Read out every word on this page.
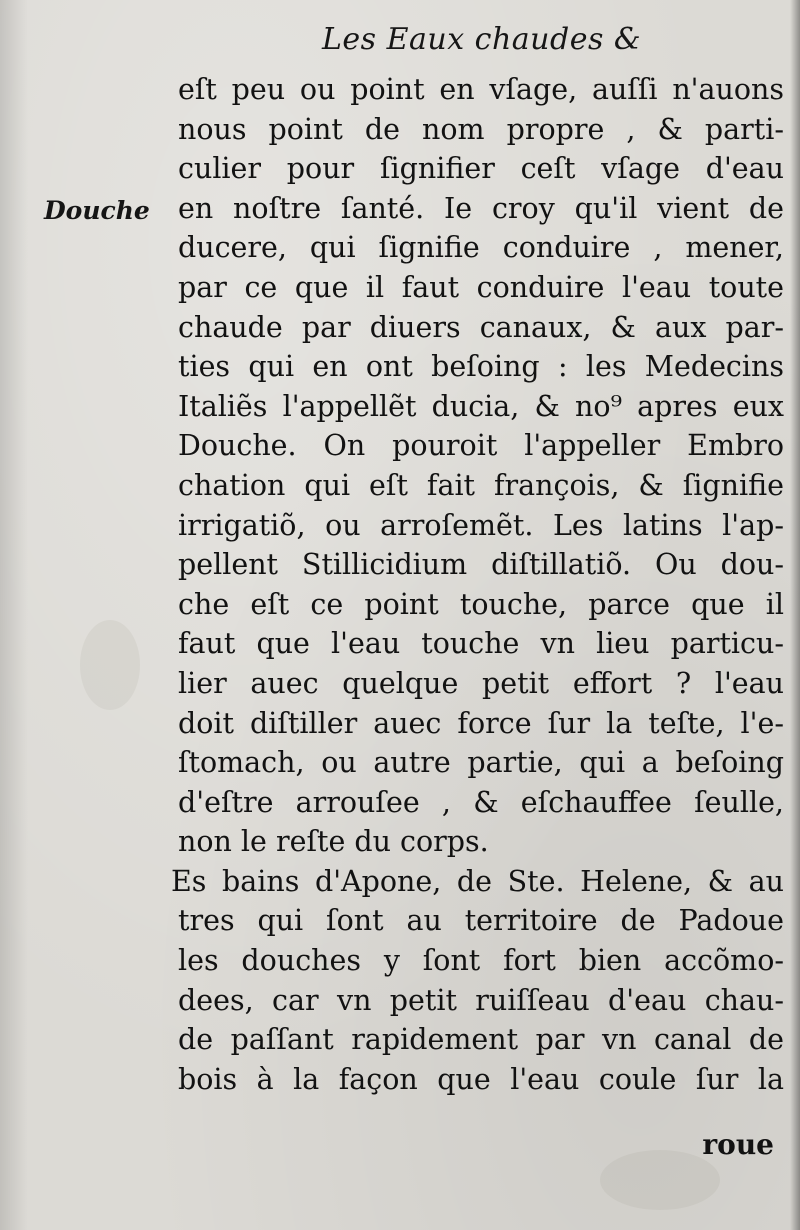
Les Eaux chaudes &
Douche
eſt peu ou point en vſage, auſſi n'auons
nous point de nom propre , & parti-
culier pour ſignifier ceſt vſage d'eau
en noſtre ſanté. Ie croy qu'il vient de
ducere, qui ſignifie conduire , mener,
par ce que il faut conduire l'eau toute
chaude par diuers canaux, & aux par-
ties qui en ont beſoing : les Medecins
Italiẽs l'appellẽt ducia, & no⁹ apres eux
Douche. On pouroit l'appeller Embro
chation qui eſt fait françois, & ſignifie
irrigatiõ, ou arroſemẽt. Les latins l'ap-
pellent Stillicidium diſtillatiõ. Ou dou-
che eſt ce point touche, parce que il
faut que l'eau touche vn lieu particu-
lier auec quelque petit effort ? l'eau
doit diſtiller auec force ſur la teſte, l'e-
ſtomach, ou autre partie, qui a beſoing
d'eſtre arrouſee , & eſchauffee ſeulle,
non le reſte du corps.
Es bains d'Apone, de Ste. Helene, & au
tres qui ſont au territoire de Padoue
les douches y ſont fort bien accõmo-
dees, car vn petit ruiſſeau d'eau chau-
de paſſant rapidement par vn canal de
bois à la façon que l'eau coule ſur la
roue
